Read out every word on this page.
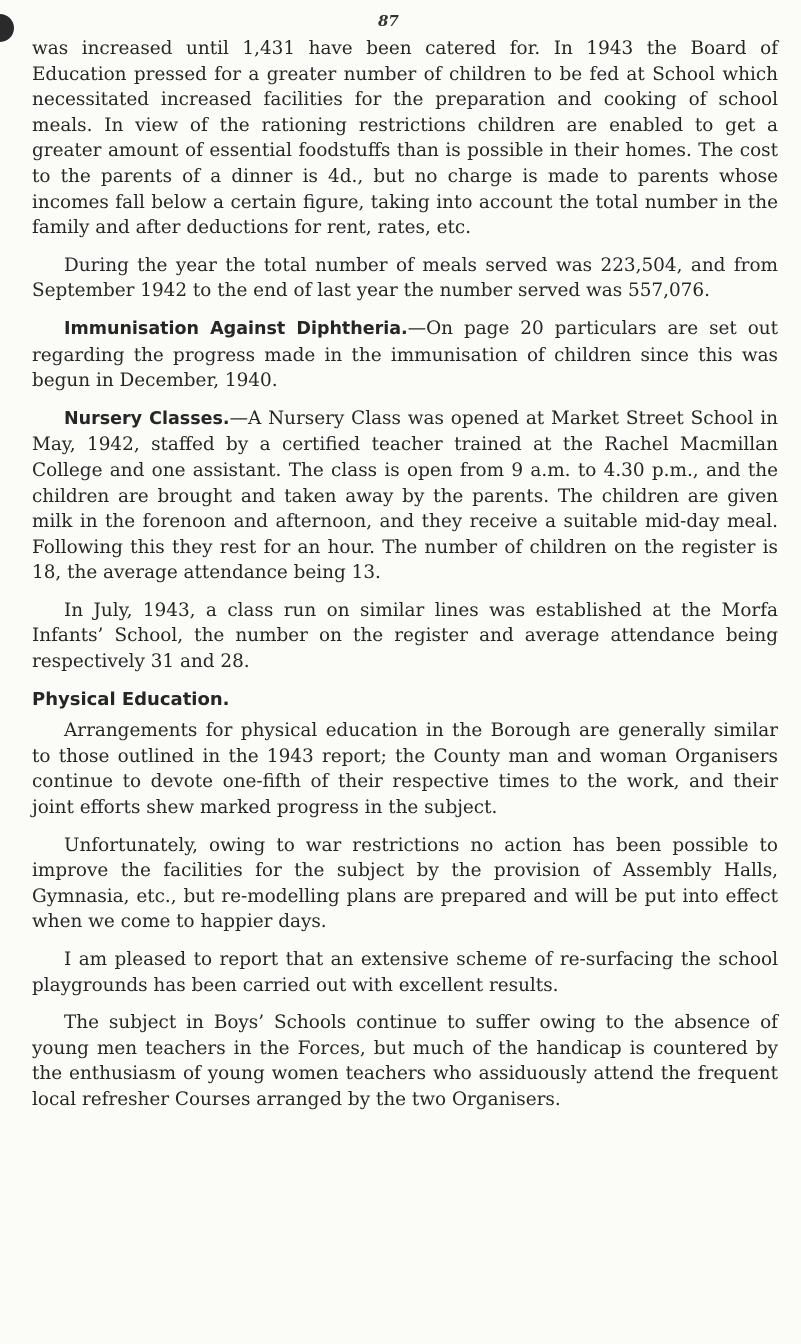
87

was increased until 1,431 have been catered for. In 1943 the Board of Education pressed for a greater number of children to be fed at School which necessitated increased facilities for the preparation and cooking of school meals. In view of the rationing restrictions children are enabled to get a greater amount of essential foodstuffs than is possible in their homes. The cost to the parents of a dinner is 4d., but no charge is made to parents whose incomes fall below a certain figure, taking into account the total number in the family and after deductions for rent, rates, etc.

During the year the total number of meals served was 223,504, and from September 1942 to the end of last year the number served was 557,076.

Immunisation Against Diphtheria.—On page 20 particulars are set out regarding the progress made in the immunisation of children since this was begun in December, 1940.

Nursery Classes.—A Nursery Class was opened at Market Street School in May, 1942, staffed by a certified teacher trained at the Rachel Macmillan College and one assistant. The class is open from 9 a.m. to 4.30 p.m., and the children are brought and taken away by the parents. The children are given milk in the forenoon and afternoon, and they receive a suitable mid-day meal. Following this they rest for an hour. The number of children on the register is 18, the average attendance being 13.

In July, 1943, a class run on similar lines was established at the Morfa Infants’ School, the number on the register and average attendance being respectively 31 and 28.

Physical Education.

Arrangements for physical education in the Borough are generally similar to those outlined in the 1943 report; the County man and woman Organisers continue to devote one-fifth of their respective times to the work, and their joint efforts shew marked progress in the subject.

Unfortunately, owing to war restrictions no action has been possible to improve the facilities for the subject by the provision of Assembly Halls, Gymnasia, etc., but re-modelling plans are prepared and will be put into effect when we come to happier days.

I am pleased to report that an extensive scheme of re-surfacing the school playgrounds has been carried out with excellent results.

The subject in Boys’ Schools continue to suffer owing to the absence of young men teachers in the Forces, but much of the handicap is countered by the enthusiasm of young women teachers who assiduously attend the frequent local refresher Courses arranged by the two Organisers.
